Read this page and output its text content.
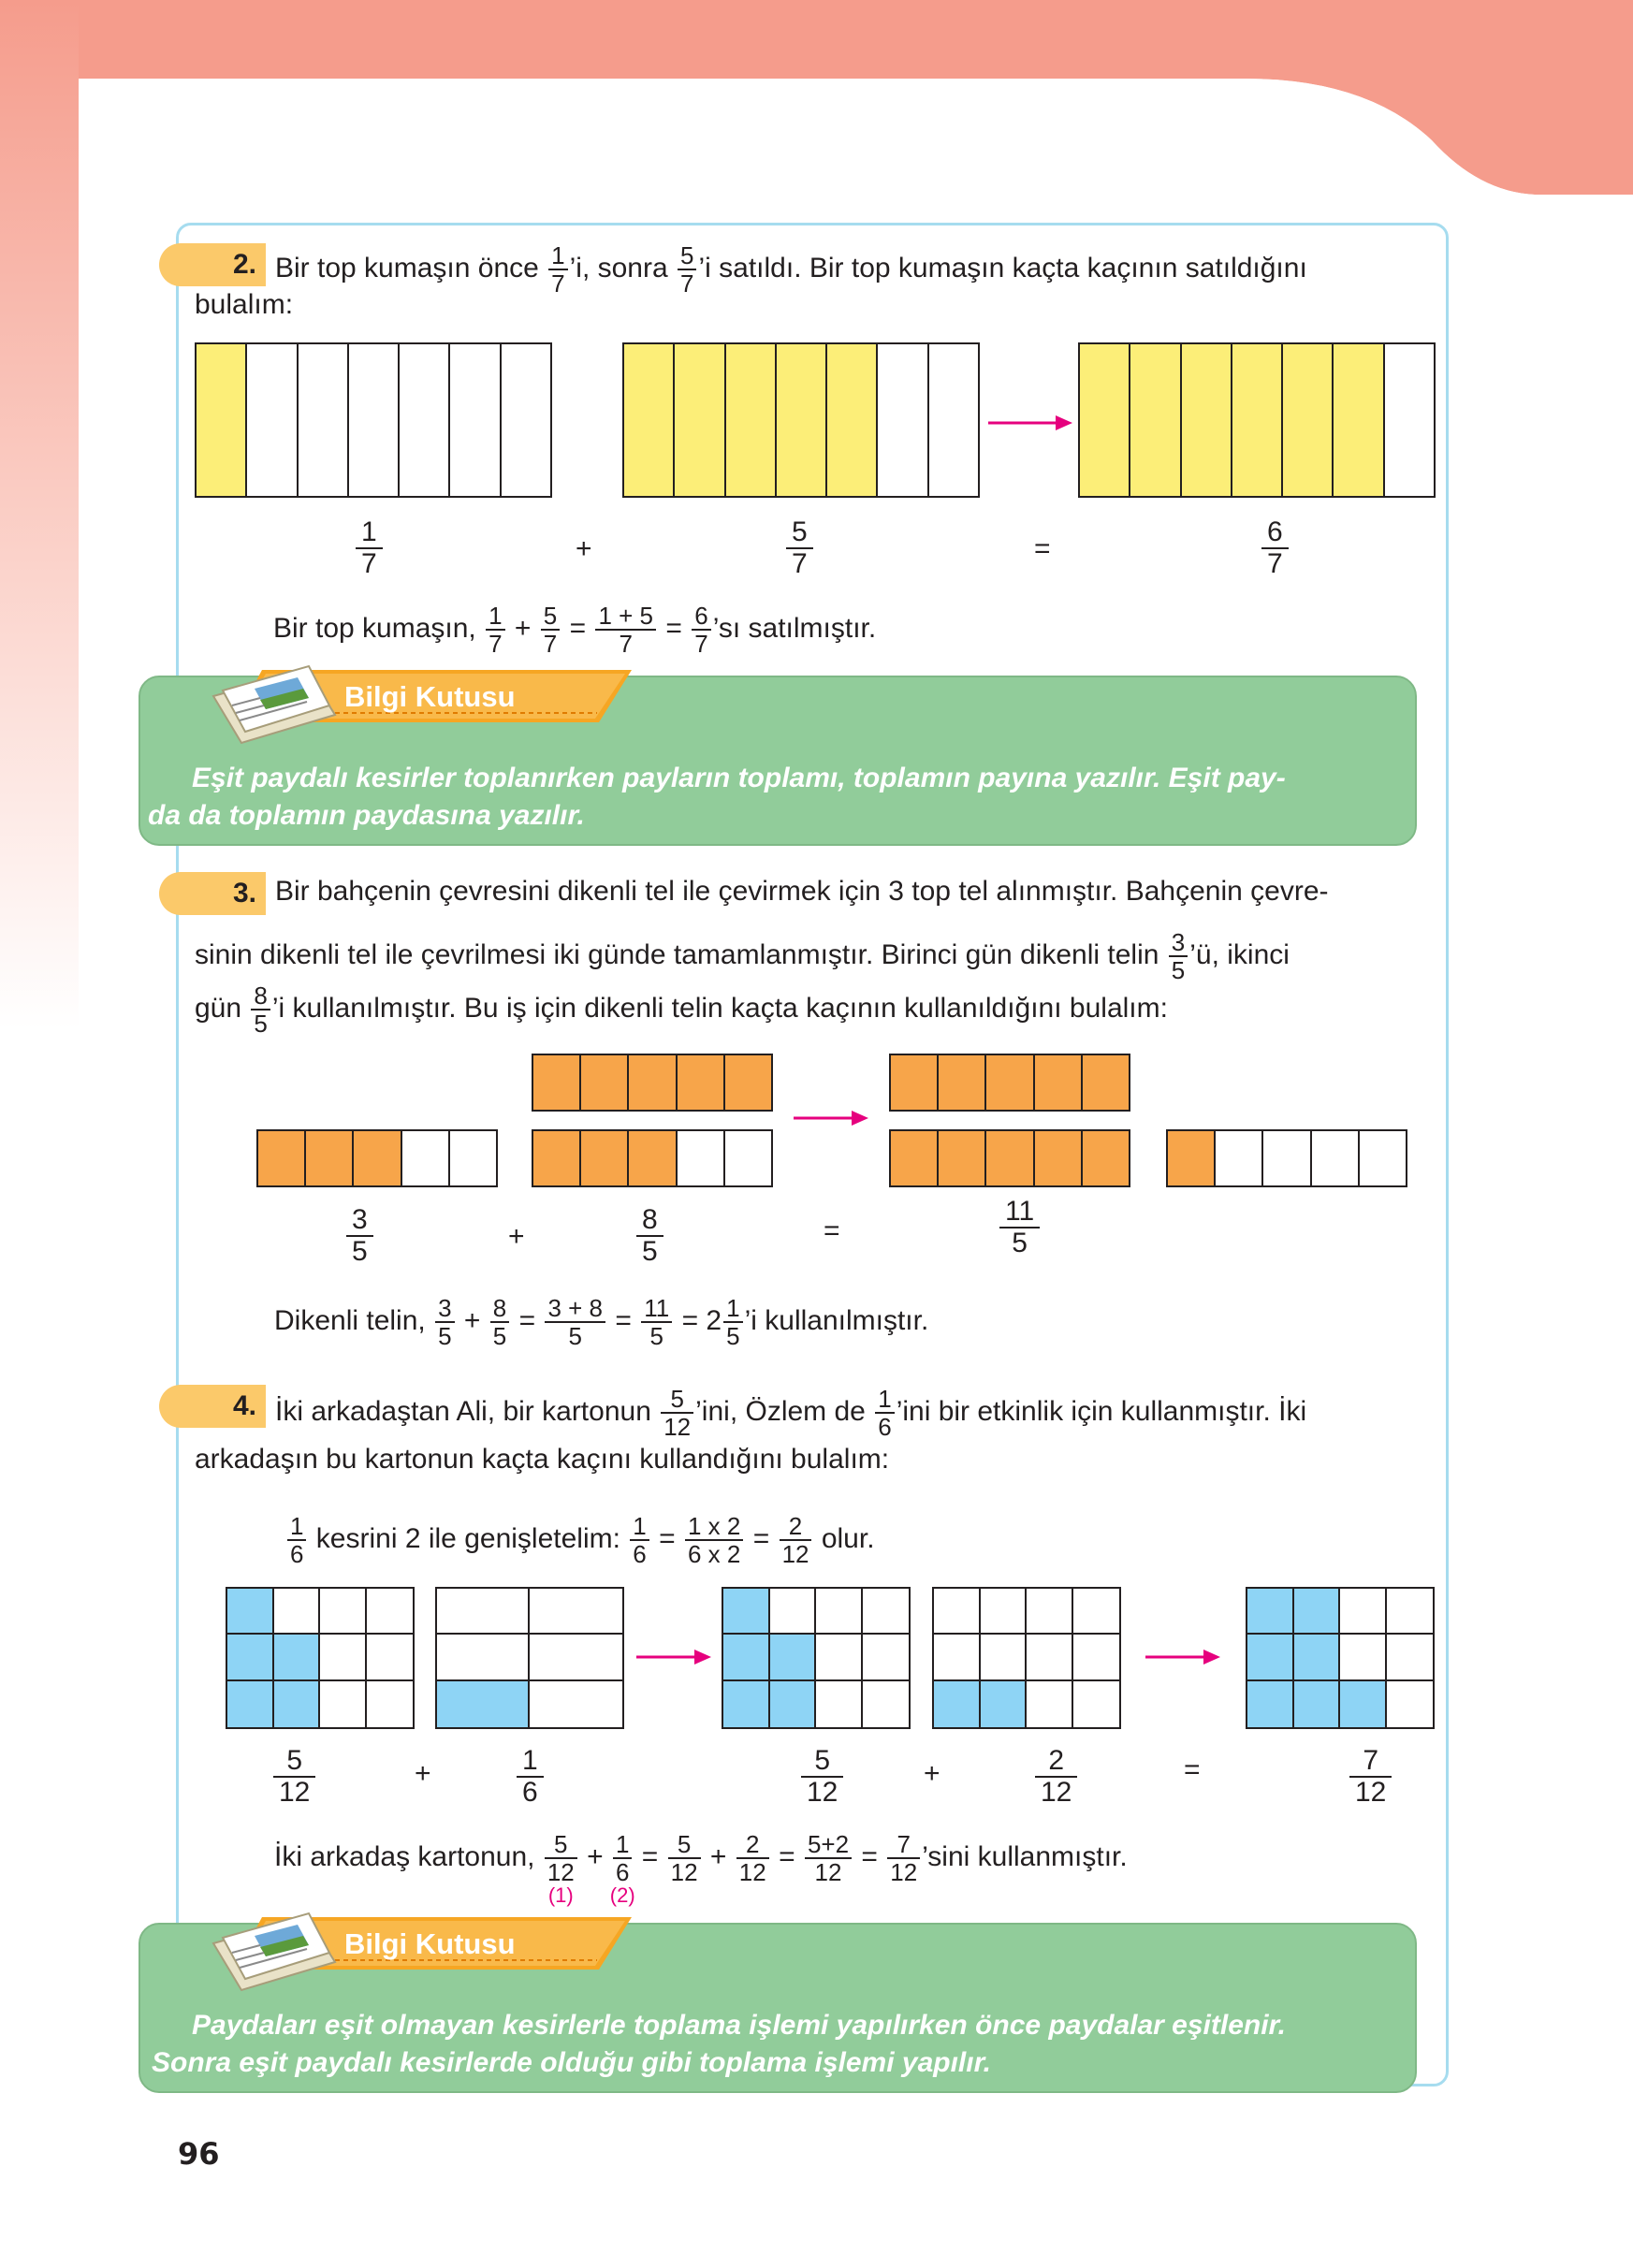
2. Bir top kumaşın önce $\frac{1}{7}$ ’i, sonra $\frac{5}{7}$ ’i satıldı. Bir top kumaşın kaçta kaçının satıldığını
bulalım:
1
7	+
5
7	=
6
7
Bir top kumaşın, $\frac{1}{7} + \frac{5}{7} = \frac{1 + 5}{7} = \frac{6}{7}$ ’sı satılmıştır.
Bilgi Kutusu
Eşit paydalı kesirler toplanırken payların toplamı, toplamın payına yazılır. Eşit pay-
da da toplamın paydasına yazılır.
3. Bir bahçenin çevresini dikenli tel ile çevirmek için 3 top tel alınmıştır. Bahçenin çevre-
sinin dikenli tel ile çevrilmesi iki günde tamamlanmıştır. Birinci gün dikenli telin $\frac{3}{5}$ ’ü, ikinci
gün $\frac{8}{5}$ ’i kullanılmıştır. Bu iş için dikenli telin kaçta kaçının kullanıldığını bulalım:
3
5	+
8
5
=
11
5
Dikenli telin, $\frac{3}{5} + \frac{8}{5} = \frac{3 + 8}{5} = \frac{11}{5} = 2 \frac{1}{5}$ ’i kullanılmıştır.
4. İki arkadaştan Ali, bir kartonun $\frac{5}{12}$ ’ini, Özlem de $\frac{1}{6}$ ’ini bir etkinlik için kullanmıştır. İki
arkadaşın bu kartonun kaçta kaçını kullandığını bulalım:
$\frac{1}{6}$ kesrini 2 ile genişletelim: $\frac{1}{6} = \frac{1 x 2}{6 x 2} = \frac{2}{12}$ olur.
5
12
+	1
6
5
12
+	2
12
=	7
12
İki arkadaş kartonun, 5
12
(1)
+ 1
6
(2)
= $\frac{5}{12} + \frac{2}{12} = \frac{5+2}{12} = \frac{7}{12}$ ’sini kullanmıştır.
Bilgi Kutusu
Paydaları eşit olmayan kesirlerle toplama işlemi yapılırken önce paydalar eşitlenir.
Sonra eşit paydalı kesirlerde olduğu gibi toplama işlemi yapılır.
96
